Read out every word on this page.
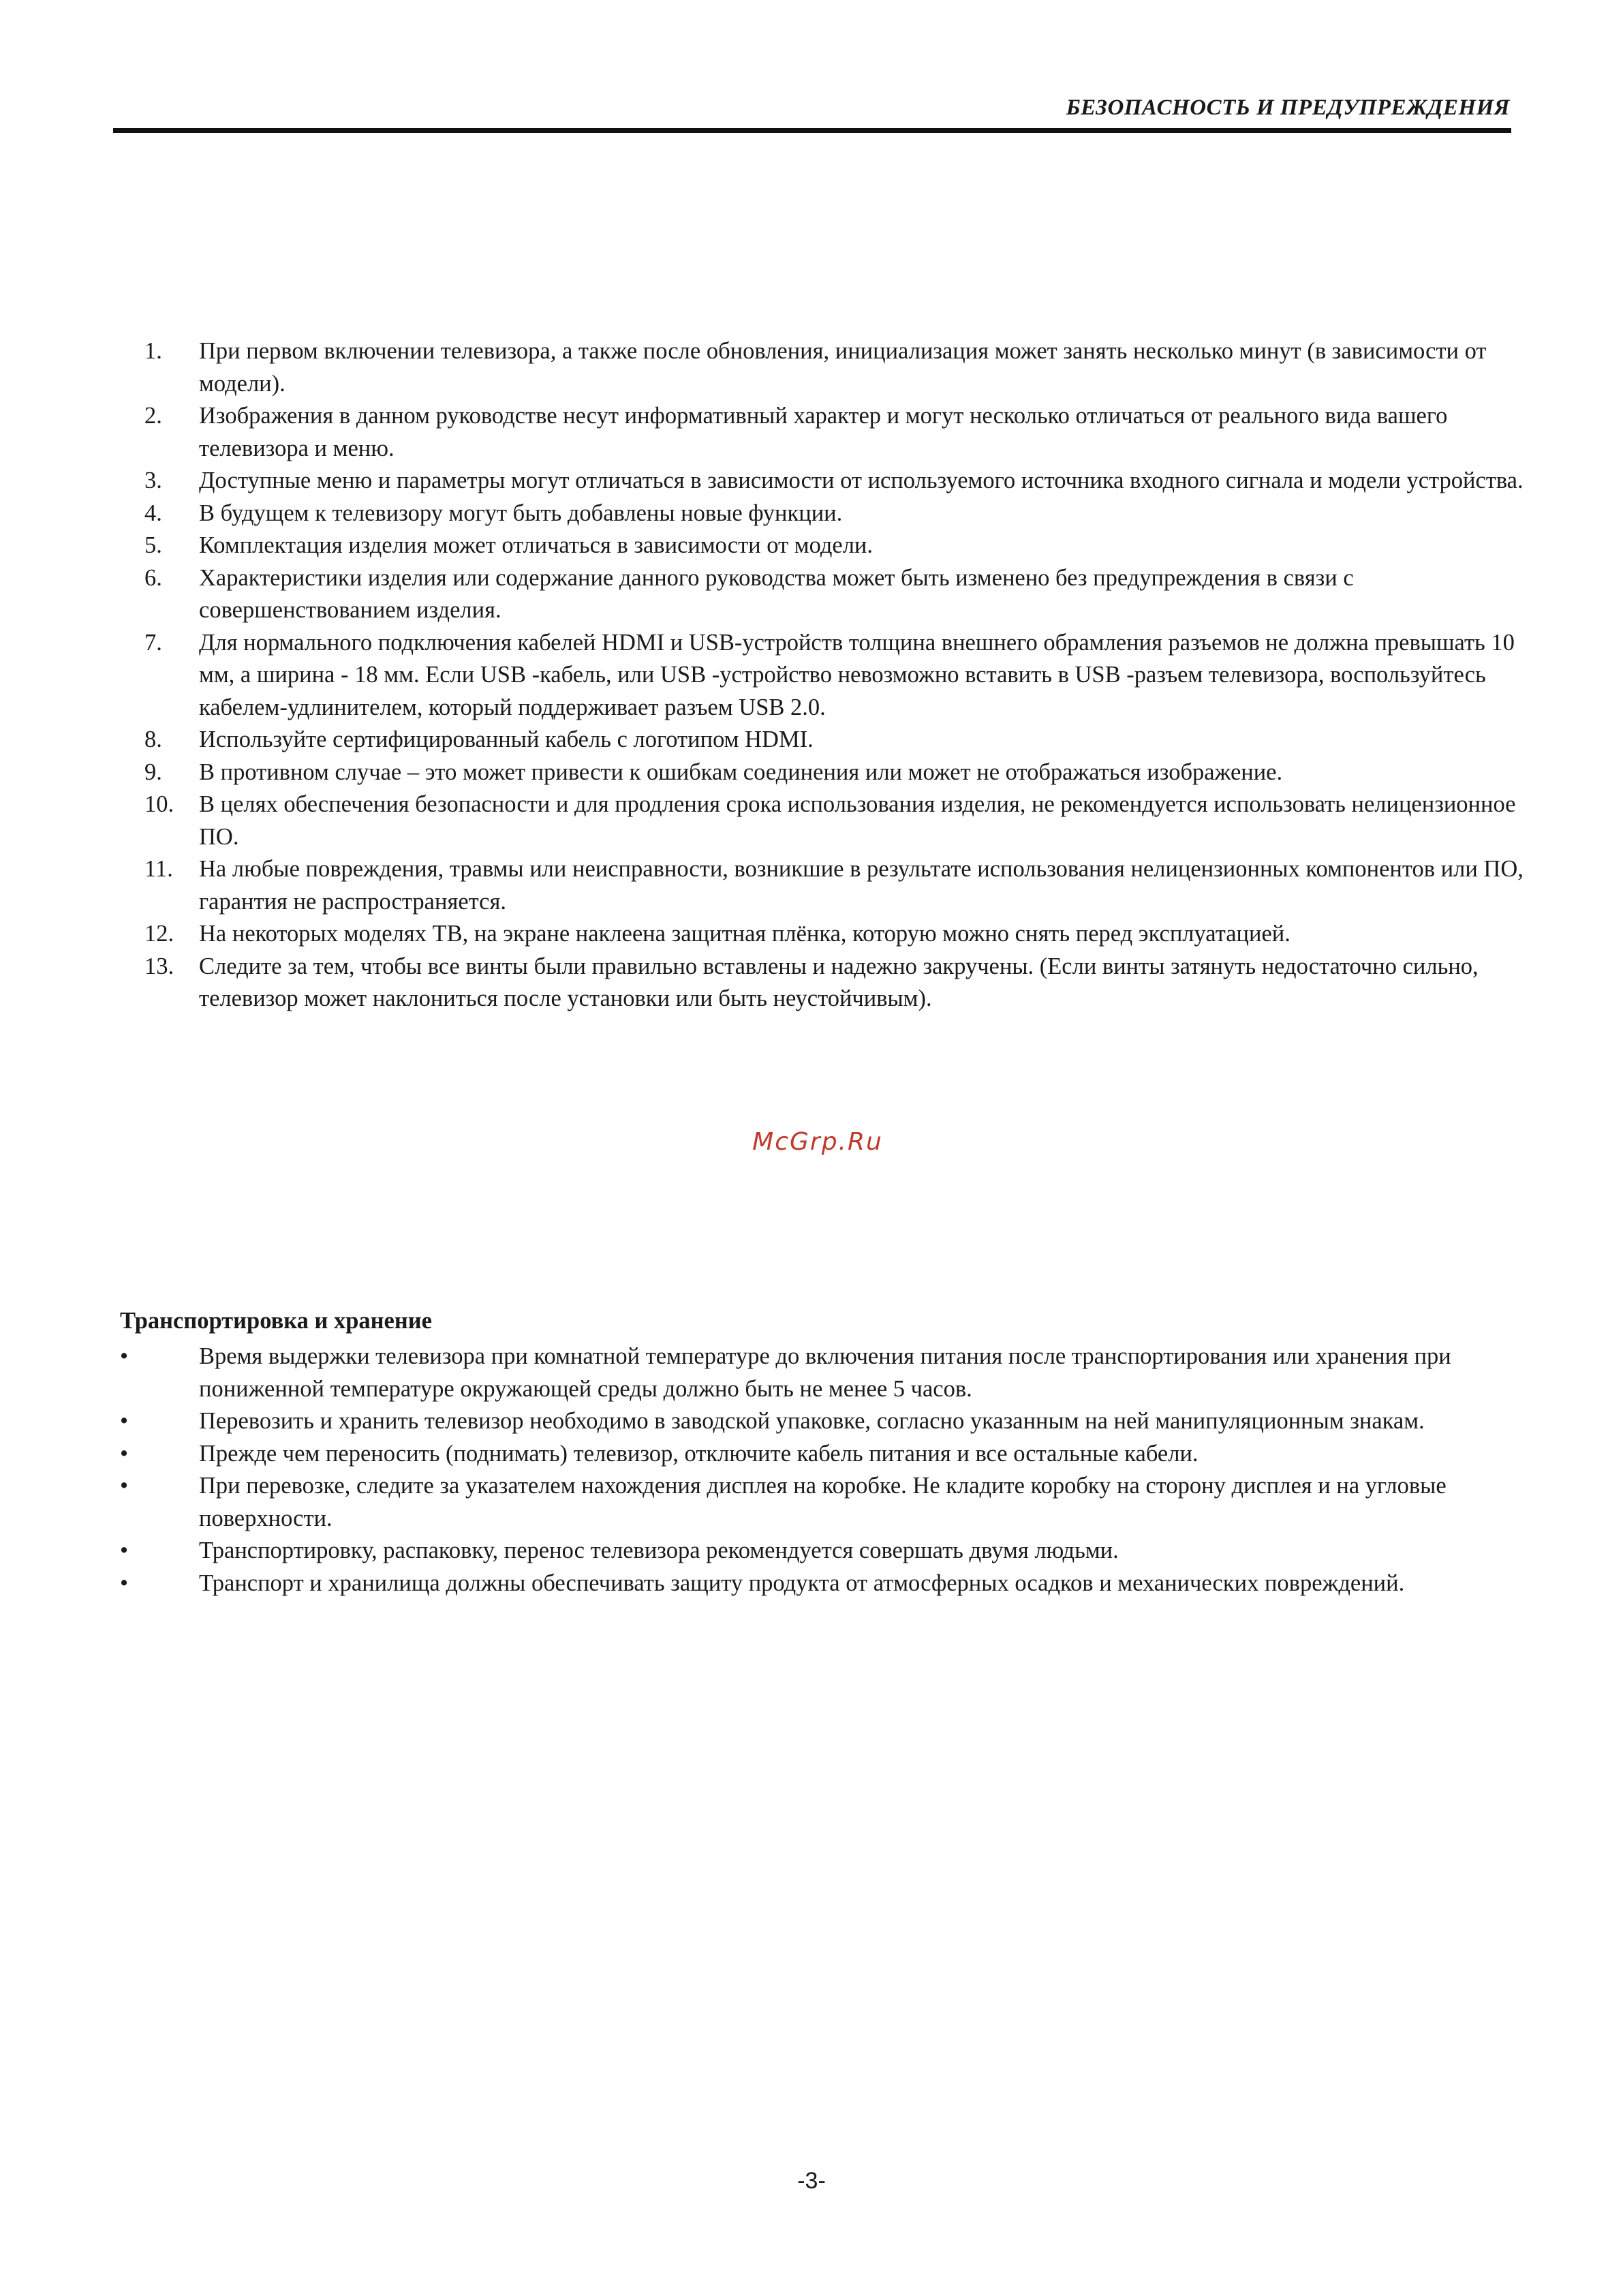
БЕЗОПАСНОСТЬ И ПРЕДУПРЕЖДЕНИЯ
1. При первом включении телевизора, а также после обновления, инициализация может занять несколько минут (в зависимости от модели).
2. Изображения в данном руководстве несут информативный характер и могут несколько отличаться от реального вида вашего телевизора и меню.
3. Доступные меню и параметры могут отличаться в зависимости от используемого источника входного сигнала и модели устройства.
4. В будущем к телевизору могут быть добавлены новые функции.
5. Комплектация изделия может отличаться в зависимости от модели.
6. Характеристики изделия или содержание данного руководства может быть изменено без предупреждения в связи с совершенствованием изделия.
7. Для нормального подключения кабелей HDMI и USB-устройств толщина внешнего обрамления разъемов не должна превышать 10 мм, а ширина - 18 мм. Если USB -кабель, или USB -устройство невозможно вставить в USB -разъем телевизора, воспользуйтесь кабелем-удлинителем, который поддерживает разъем USB 2.0.
8. Используйте сертифицированный кабель с логотипом HDMI.
9. В противном случае – это может привести к ошибкам соединения или может не отображаться изображение.
10. В целях обеспечения безопасности и для продления срока использования изделия, не рекомендуется использовать нелицензионное ПО.
11. На любые повреждения, травмы или неисправности, возникшие в результате использования нелицензионных компонентов или ПО, гарантия не распространяется.
12. На некоторых моделях ТВ, на экране наклеена защитная плёнка, которую можно снять перед эксплуатацией.
13. Следите за тем, чтобы все винты были правильно вставлены и надежно закручены. (Если винты затянуть недостаточно сильно, телевизор может наклониться после установки или быть неустойчивым).
McGrp.Ru
Транспортировка и хранение
•	Время выдержки телевизора при комнатной температуре до включения питания после транспортирования или хранения при пониженной температуре окружающей среды должно быть не менее 5 часов.
•	Перевозить и хранить телевизор необходимо в заводской упаковке, согласно указанным на ней манипуляционным знакам.
•	Прежде чем переносить (поднимать) телевизор, отключите кабель питания и все остальные кабели.
•	При перевозке, следите за указателем нахождения дисплея на коробке. Не кладите коробку на сторону дисплея и на угловые поверхности.
•	Транспортировку, распаковку, перенос телевизора рекомендуется совершать двумя людьми.
•	Транспорт и хранилища должны обеспечивать защиту продукта от атмосферных осадков и механических повреждений.
-3-
